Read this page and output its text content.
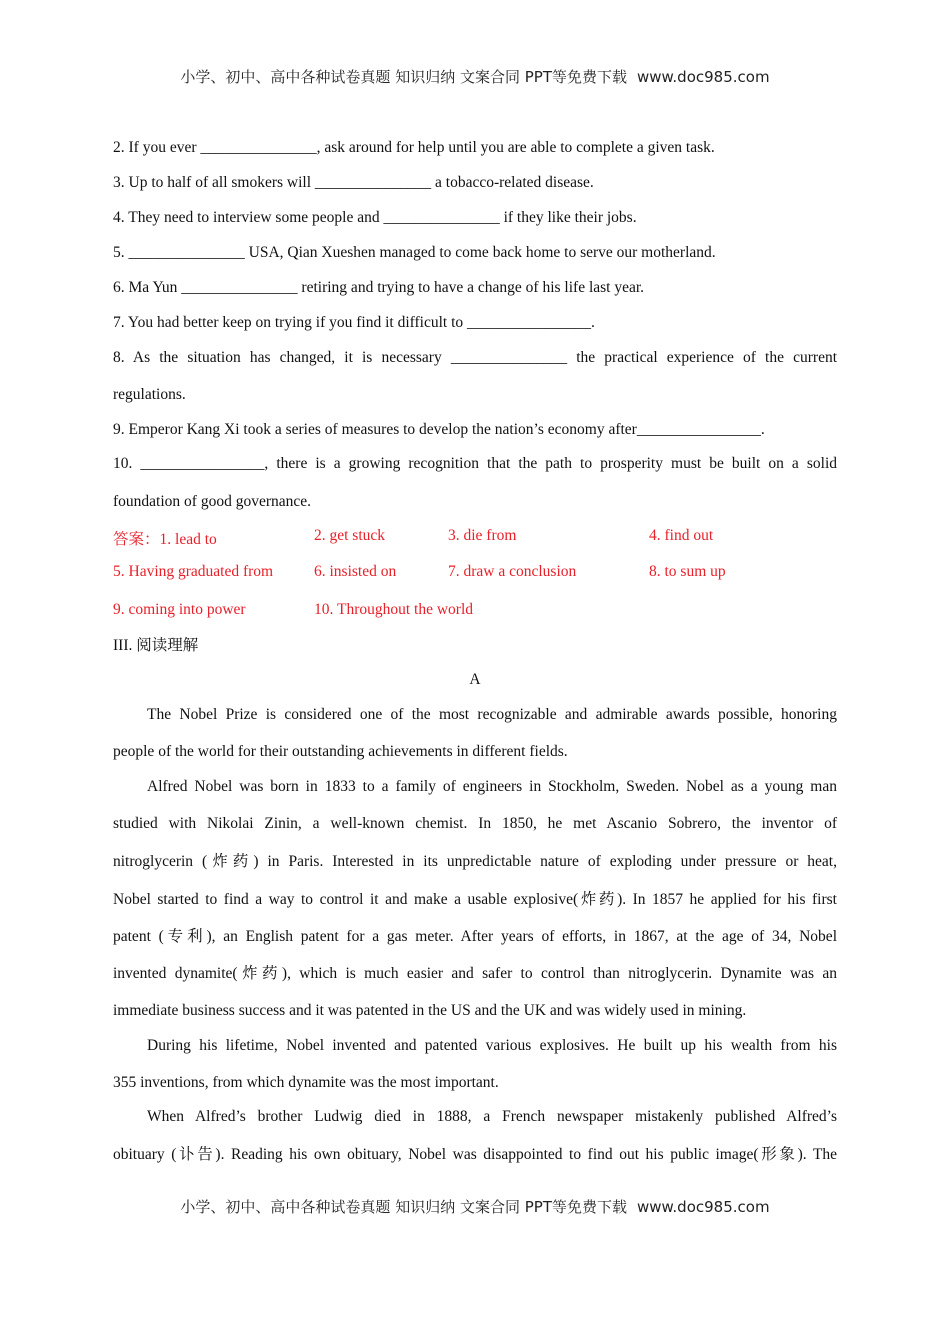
小学、初中、高中各种试卷真题 知识归纳 文案合同 PPT等免费下载 www.doc985.com
2. If you ever _______________, ask around for help until you are able to complete a given task.
3. Up to half of all smokers will _______________ a tobacco-related disease.
4. They need to interview some people and _______________ if they like their jobs.
5. _______________ USA, Qian Xueshen managed to come back home to serve our motherland.
6. Ma Yun _______________ retiring and trying to have a change of his life last year.
7. You had better keep on trying if you find it difficult to ________________.
8. As the situation has changed, it is necessary _______________ the practical experience of the current
regulations.
9. Emperor Kang Xi took a series of measures to develop the nation’s economy after________________.
10. ________________, there is a growing recognition that the path to prosperity must be built on a solid
foundation of good governance.
答案：1. lead to	2. get stuck	3. die from	4. find out
5. Having graduated from	6. insisted on	7. draw a conclusion	8. to sum up
9. coming into power	10. Throughout the world
III. 阅读理解
A
The Nobel Prize is considered one of the most recognizable and admirable awards possible, honoring
people of the world for their outstanding achievements in different fields.
Alfred Nobel was born in 1833 to a family of engineers in Stockholm, Sweden. Nobel as a young man
studied with Nikolai Zinin, a well-known chemist. In 1850, he met Ascanio Sobrero, the inventor of
nitroglycerin (炸药) in Paris. Interested in its unpredictable nature of exploding under pressure or heat,
Nobel started to find a way to control it and make a usable explosive(炸药). In 1857 he applied for his first
patent (专利), an English patent for a gas meter. After years of efforts, in 1867, at the age of 34, Nobel
invented dynamite(炸药), which is much easier and safer to control than nitroglycerin. Dynamite was an
immediate business success and it was patented in the US and the UK and was widely used in mining.
During his lifetime, Nobel invented and patented various explosives. He built up his wealth from his
355 inventions, from which dynamite was the most important.
When Alfred’s brother Ludwig died in 1888, a French newspaper mistakenly published Alfred’s
obituary (讣告). Reading his own obituary, Nobel was disappointed to find out his public image(形象). The
小学、初中、高中各种试卷真题 知识归纳 文案合同 PPT等免费下载 www.doc985.com
